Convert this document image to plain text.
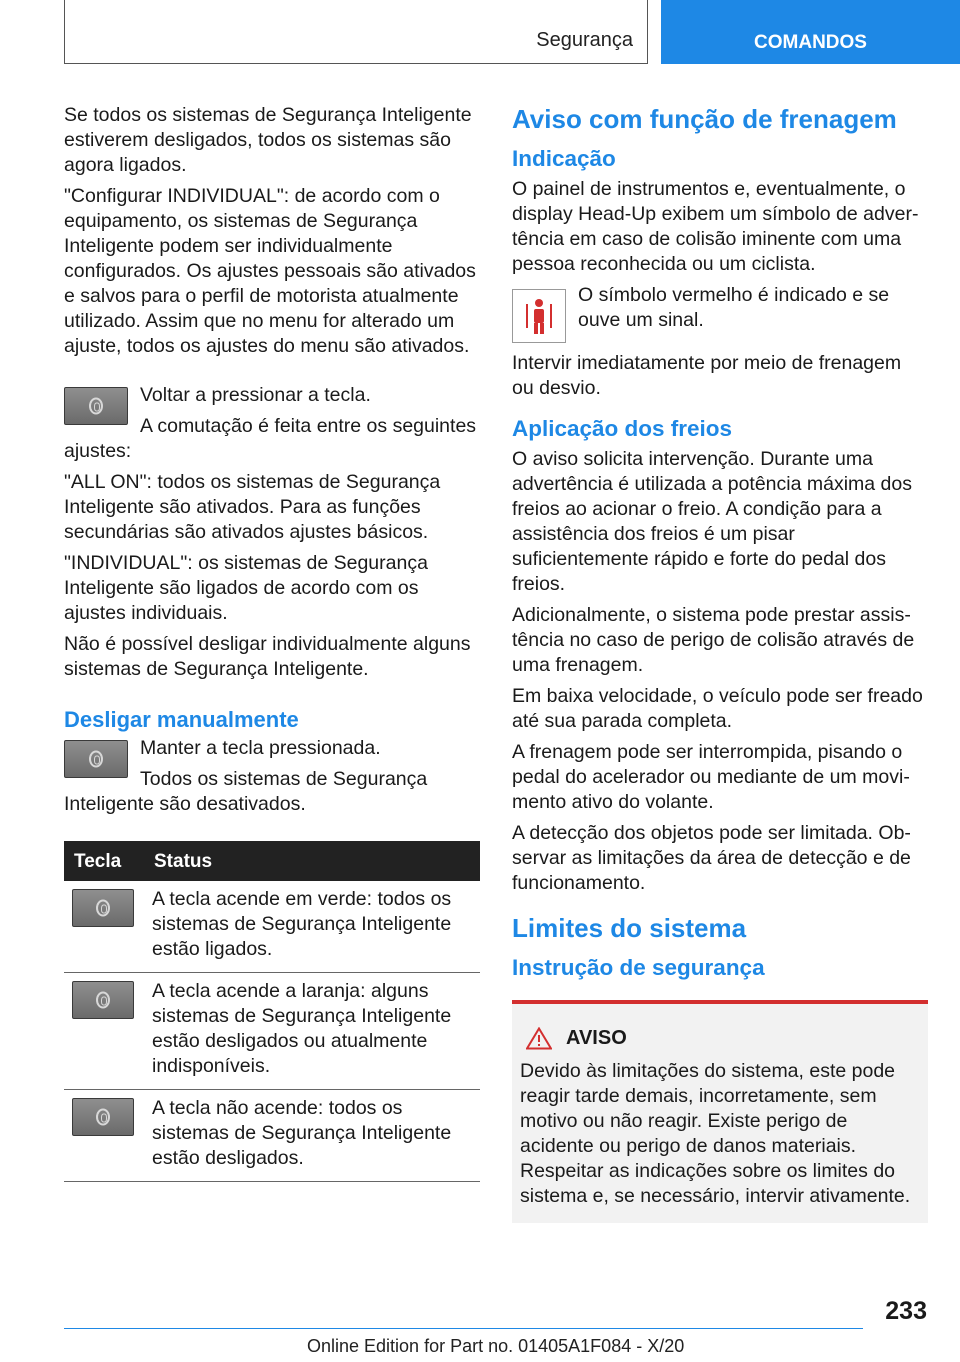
Segurança	COMANDOS

Se todos os sistemas de Segurança Inteligente estiverem desligados, todos os sistemas são agora ligados.

"Configurar INDIVIDUAL": de acordo com o equipamento, os sistemas de Segurança Inteligente podem ser individualmente configurados. Os ajustes pessoais são ativados e salvos para o perfil de motorista atualmente utilizado. Assim que no menu for alterado um ajuste, todos os ajustes do menu são ativados.

Voltar a pressionar a tecla.

A comutação é feita entre os seguintes ajustes:

"ALL ON": todos os sistemas de Segurança Inteligente são ativados. Para as funções secundárias são ativados ajustes básicos.

"INDIVIDUAL": os sistemas de Segurança Inteligente são ligados de acordo com os ajustes individuais.

Não é possível desligar individualmente alguns sistemas de Segurança Inteligente.

Desligar manualmente

Manter a tecla pressionada.

Todos os sistemas de Segurança Inteligente são desativados.

Tecla	Status

	A tecla acende em verde: todos os sistemas de Segurança Inteligente estão ligados.

	A tecla acende a laranja: alguns sistemas de Segurança Inteligente estão desligados ou atualmente indisponíveis.

	A tecla não acende: todos os sistemas de Segurança Inteligente estão desligados.
Aviso com função de frenagem
Indicação

O painel de instrumentos e, eventualmente, o display Head-Up exibem um símbolo de advertência em caso de colisão iminente com uma pessoa reconhecida ou um ciclista.

O símbolo vermelho é indicado e se ouve um sinal.

Intervir imediatamente por meio de frenagem ou desvio.

Aplicação dos freios

O aviso solicita intervenção. Durante uma advertência é utilizada a potência máxima dos freios ao acionar o freio. A condição para a assistência dos freios é um pisar suficientemente rápido e forte do pedal dos freios.

Adicionalmente, o sistema pode prestar assistência no caso de perigo de colisão através de uma frenagem.

Em baixa velocidade, o veículo pode ser freado até sua parada completa.

A frenagem pode ser interrompida, pisando o pedal do acelerador ou mediante de um movimento ativo do volante.

A detecção dos objetos pode ser limitada. Observar as limitações da área de detecção e de funcionamento.

Limites do sistema
Instrução de segurança
AVISO

Devido às limitações do sistema, este pode reagir tarde demais, incorretamente, sem motivo ou não reagir. Existe perigo de acidente ou perigo de danos materiais. Respeitar as indicações sobre os limites do sistema e, se necessário, intervir ativamente.

233
Online Edition for Part no. 01405A1F084 - X/20
